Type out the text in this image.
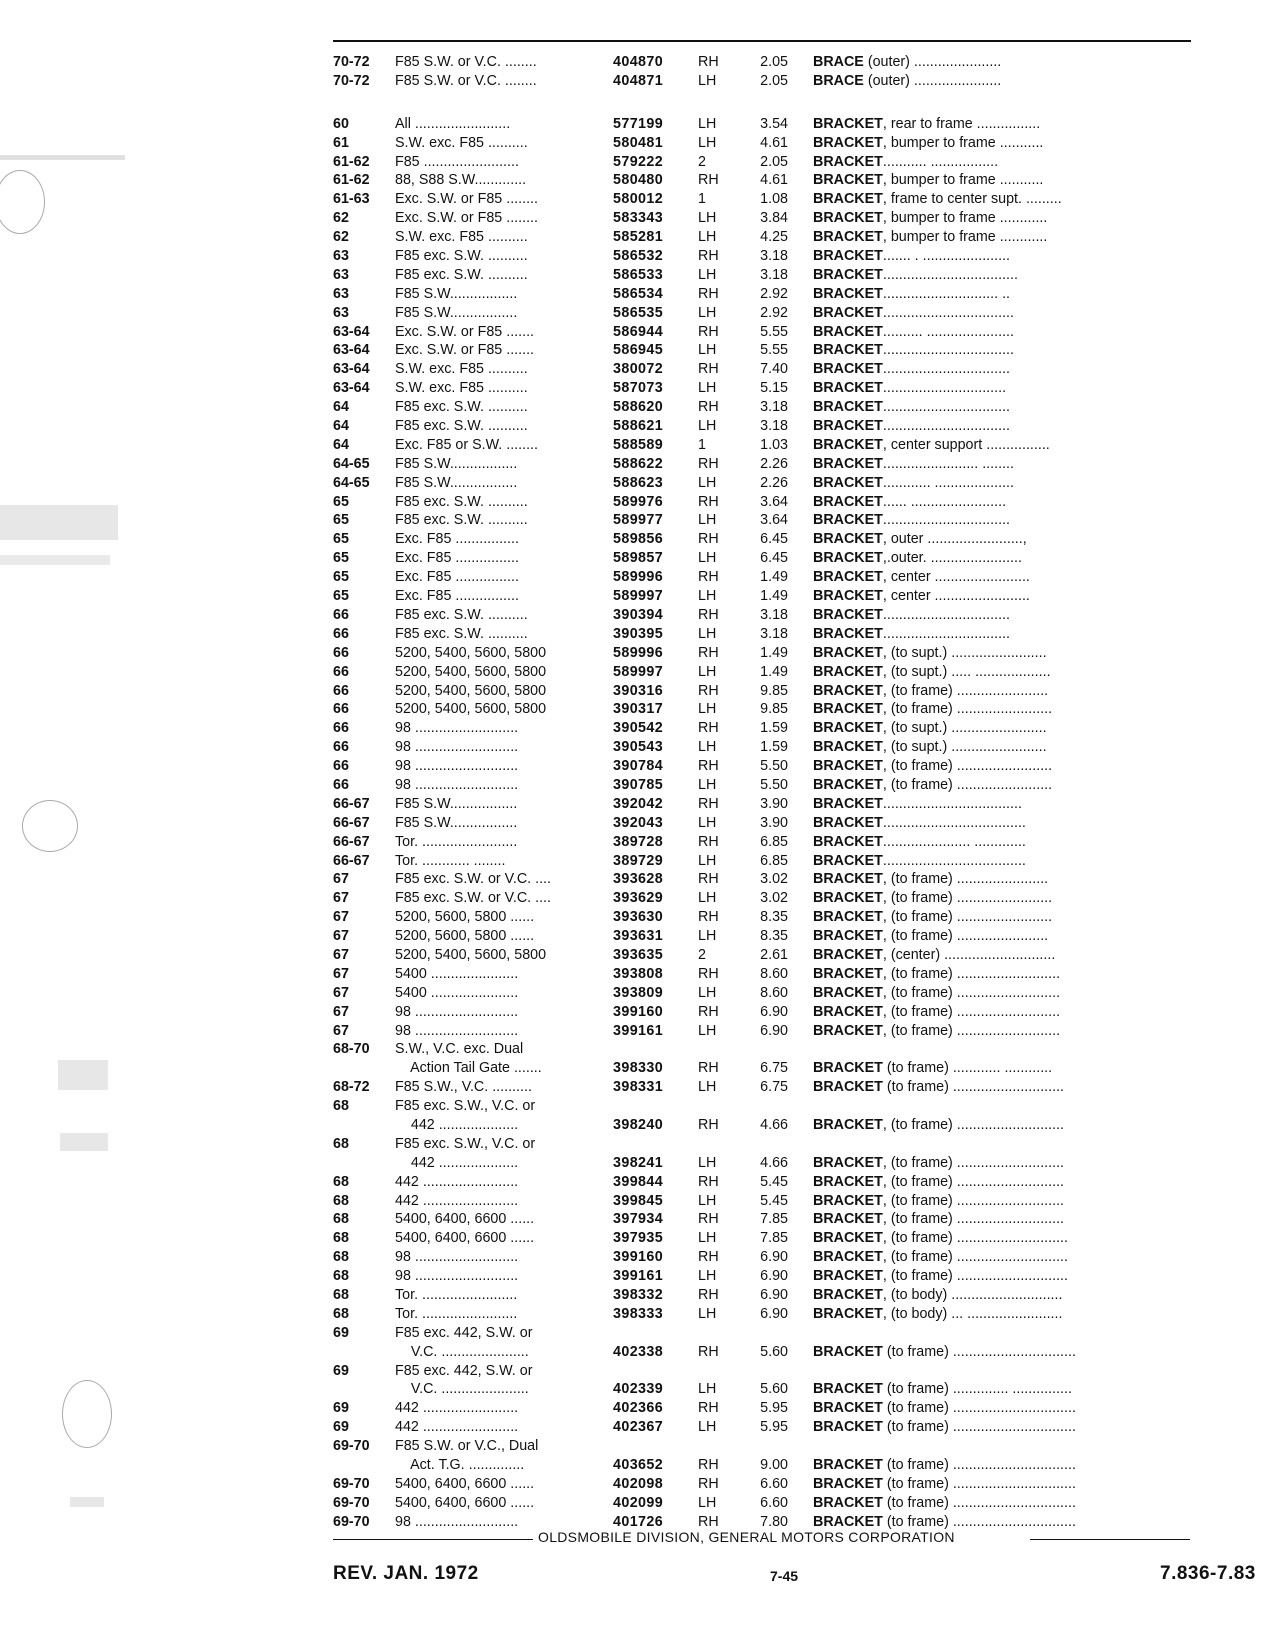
70-72	F85 S.W. or V.C. ........	404870	RH	2.05 BRACE (outer) ......................
70-72	F85 S.W. or V.C. ........	404871	LH	2.05 BRACE (outer) ......................
60	All ........................	577199	LH	3.54 BRACKET, rear to frame ................
61	S.W. exc. F85 ..........	580481	LH	4.61 BRACKET, bumper to frame ...........
61-62	F85 ........................	579222	2	2.05 BRACKET........... .................
61-62	88, S88 S.W.............	580480	RH	4.61 BRACKET, bumper to frame ...........
61-63	Exc. S.W. or F85 ........	580012	1	1.08 BRACKET, frame to center supt. .........
62	Exc. S.W. or F85 ........	583343	LH	3.84 BRACKET, bumper to frame ............
62	S.W. exc. F85 ..........	585281	LH	4.25 BRACKET, bumper to frame ............
63	F85 exc. S.W. ..........	586532	RH	3.18 BRACKET....... . ......................
63	F85 exc. S.W. ..........	586533	LH	3.18 BRACKET..................................
63	F85 S.W.................	586534	RH	2.92 BRACKET............................. ..
63	F85 S.W.................	586535	LH	2.92 BRACKET.................................
63-64	Exc. S.W. or F85 .......	586944	RH	5.55 BRACKET.......... ......................
63-64	Exc. S.W. or F85 .......	586945	LH	5.55 BRACKET.................................
63-64	S.W. exc. F85 ..........	380072	RH	7.40 BRACKET................................
63-64	S.W. exc. F85 ..........	587073	LH	5.15 BRACKET...............................
64	F85 exc. S.W. ..........	588620	RH	3.18 BRACKET................................
64	F85 exc. S.W. ..........	588621	LH	3.18 BRACKET................................
64	Exc. F85 or S.W. ........	588589	1	1.03 BRACKET, center support ................
64-65	F85 S.W.................	588622	RH	2.26 BRACKET........................ ........
64-65	F85 S.W.................	588623	LH	2.26 BRACKET............ ....................
65	F85 exc. S.W. ..........	589976	RH	3.64 BRACKET...... ........................
65	F85 exc. S.W. ..........	589977	LH	3.64 BRACKET................................
65	Exc. F85 ................	589856	RH	6.45 BRACKET, outer ........................,
65	Exc. F85 ................	589857	LH	6.45 BRACKET,.outer. .......................
65	Exc. F85 ................	589996	RH	1.49 BRACKET, center ........................
65	Exc. F85 ................	589997	LH	1.49 BRACKET, center ........................
66	F85 exc. S.W. ..........	390394	RH	3.18 BRACKET................................
66	F85 exc. S.W. ..........	390395	LH	3.18 BRACKET................................
66	5200, 5400, 5600, 5800	589996	RH	1.49 BRACKET, (to supt.) ........................
66	5200, 5400, 5600, 5800	589997	LH	1.49 BRACKET, (to supt.) ..... ...................
66	5200, 5400, 5600, 5800	390316	RH	9.85 BRACKET, (to frame) .......................
66	5200, 5400, 5600, 5800	390317	LH	9.85 BRACKET, (to frame) ........................
66	98 ..........................	390542	RH	1.59 BRACKET, (to supt.) ........................
66	98 ..........................	390543	LH	1.59 BRACKET, (to supt.) ........................
66	98 ..........................	390784	RH	5.50 BRACKET, (to frame) ........................
66	98 ..........................	390785	LH	5.50 BRACKET, (to frame) ........................
66-67	F85 S.W.................	392042	RH	3.90 BRACKET...................................
66-67	F85 S.W.................	392043	LH	3.90 BRACKET....................................
66-67	Tor. ........................	389728	RH	6.85 BRACKET...................... .............
66-67	Tor. ............ ........	389729	LH	6.85 BRACKET....................................
67	F85 exc. S.W. or V.C. ....	393628	RH	3.02 BRACKET, (to frame) .......................
67	F85 exc. S.W. or V.C. ....	393629	LH	3.02 BRACKET, (to frame) ........................
67	5200, 5600, 5800 ......	393630	RH	8.35 BRACKET, (to frame) ........................
67	5200, 5600, 5800 ......	393631	LH	8.35 BRACKET, (to frame) .......................
67	5200, 5400, 5600, 5800	393635	2	2.61 BRACKET, (center) ............................
67	5400 ......................	393808	RH	8.60 BRACKET, (to frame) ..........................
67	5400 ......................	393809	LH	8.60 BRACKET, (to frame) ..........................
67	98 ..........................	399160	RH	6.90 BRACKET, (to frame) ..........................
67	98 ..........................	399161	LH	6.90 BRACKET, (to frame) ..........................
68-70	S.W., V.C. exc. Dual
Action Tail Gate .......	398330	RH	6.75 BRACKET (to frame) ............ ............
68-72	F85 S.W., V.C. ..........	398331	LH	6.75 BRACKET (to frame) ............................
68	F85 exc. S.W., V.C. or
442 ....................	398240	RH	4.66 BRACKET, (to frame) ...........................
68	F85 exc. S.W., V.C. or
442 ....................	398241	LH	4.66 BRACKET, (to frame) ...........................
68	442 ........................	399844	RH	5.45 BRACKET, (to frame) ...........................
68	442 ........................	399845	LH	5.45 BRACKET, (to frame) ...........................
68	5400, 6400, 6600 ......	397934	RH	7.85 BRACKET, (to frame) ...........................
68	5400, 6400, 6600 ......	397935	LH	7.85 BRACKET, (to frame) ............................
68	98 ..........................	399160	RH	6.90 BRACKET, (to frame) ............................
68	98 ..........................	399161	LH	6.90 BRACKET, (to frame) ............................
68	Tor. ........................	398332	RH	6.90 BRACKET, (to body) ............................
68	Tor. ........................	398333	LH	6.90 BRACKET, (to body) ... ........................
69	F85 exc. 442, S.W. or
V.C. ......................	402338	RH	5.60 BRACKET (to frame) ...............................
69	F85 exc. 442, S.W. or
V.C. ......................	402339	LH	5.60 BRACKET (to frame) .............. ...............
69	442 ........................	402366	RH	5.95 BRACKET (to frame) ...............................
69	442 ........................	402367	LH	5.95 BRACKET (to frame) ...............................
69-70	F85 S.W. or V.C., Dual
Act. T.G. ..............	403652	RH	9.00 BRACKET (to frame) ...............................
69-70	5400, 6400, 6600 ......	402098	RH	6.60 BRACKET (to frame) ...............................
69-70	5400, 6400, 6600 ......	402099	LH	6.60 BRACKET (to frame) ...............................
69-70	98 ..........................	401726	RH	7.80 BRACKET (to frame) ...............................
OLDSMOBILE DIVISION, GENERAL MOTORS CORPORATION
REV. JAN. 1972	7-45	7.836-7.83
